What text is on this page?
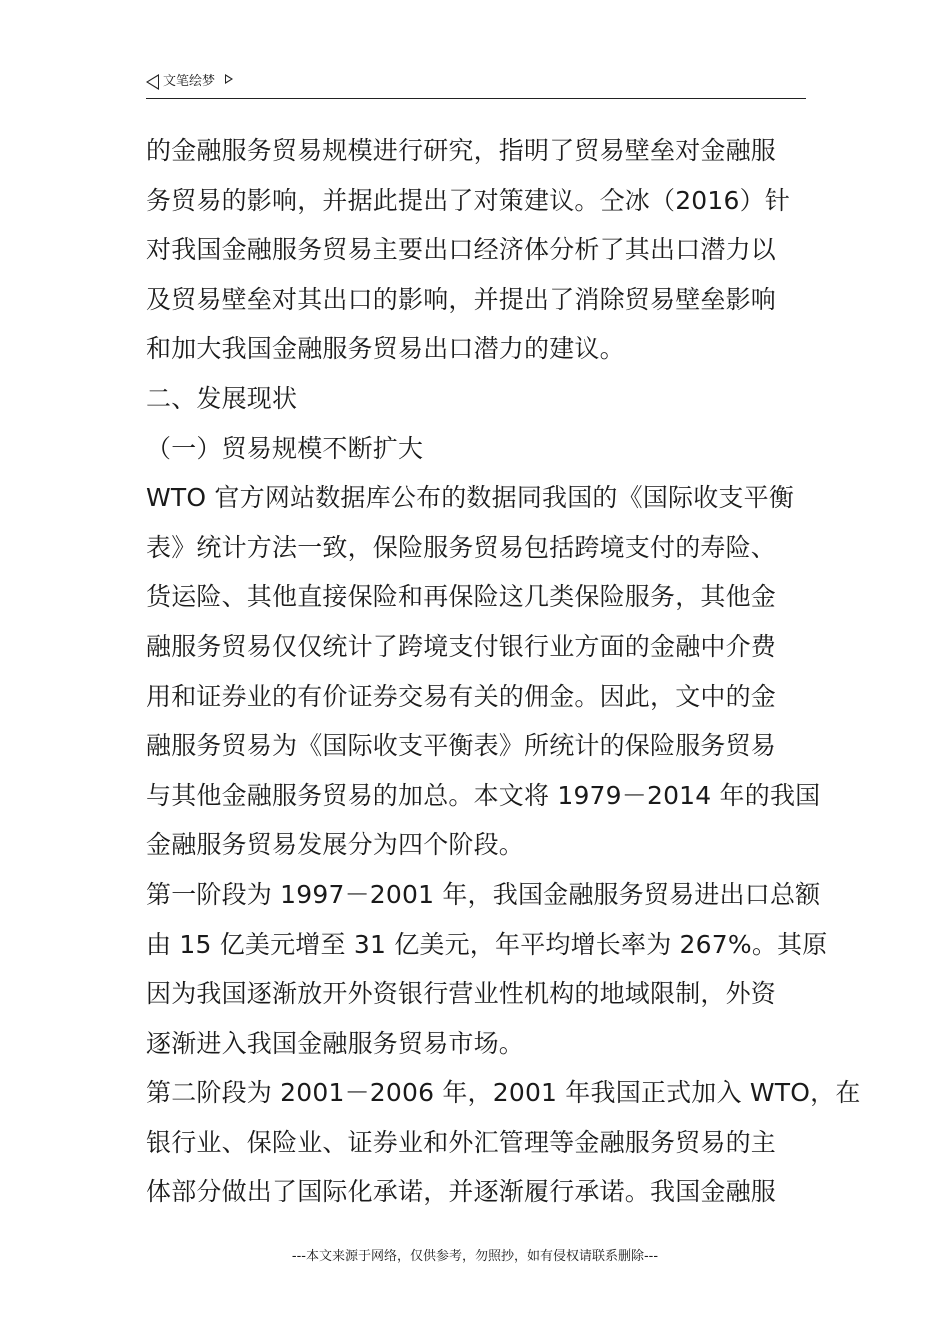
文笔绘梦
的金融服务贸易规模进行研究，指明了贸易壁垒对金融服
务贸易的影响，并据此提出了对策建议。仝冰（2016）针
对我国金融服务贸易主要出口经济体分析了其出口潜力以
及贸易壁垒对其出口的影响，并提出了消除贸易壁垒影响
和加大我国金融服务贸易出口潜力的建议。
二、发展现状
（一）贸易规模不断扩大
WTO 官方网站数据库公布的数据同我国的《国际收支平衡
表》统计方法一致，保险服务贸易包括跨境支付的寿险、
货运险、其他直接保险和再保险这几类保险服务，其他金
融服务贸易仅仅统计了跨境支付银行业方面的金融中介费
用和证券业的有价证券交易有关的佣金。因此，文中的金
融服务贸易为《国际收支平衡表》所统计的保险服务贸易
与其他金融服务贸易的加总。本文将 1979－2014 年的我国
金融服务贸易发展分为四个阶段。
第一阶段为 1997－2001 年，我国金融服务贸易进出口总额
由 15 亿美元增至 31 亿美元，年平均增长率为 267%。其原
因为我国逐渐放开外资银行营业性机构的地域限制，外资
逐渐进入我国金融服务贸易市场。
第二阶段为 2001－2006 年，2001 年我国正式加入 WTO，在
银行业、保险业、证券业和外汇管理等金融服务贸易的主
体部分做出了国际化承诺，并逐渐履行承诺。我国金融服
---本文来源于网络，仅供参考，勿照抄，如有侵权请联系删除---
